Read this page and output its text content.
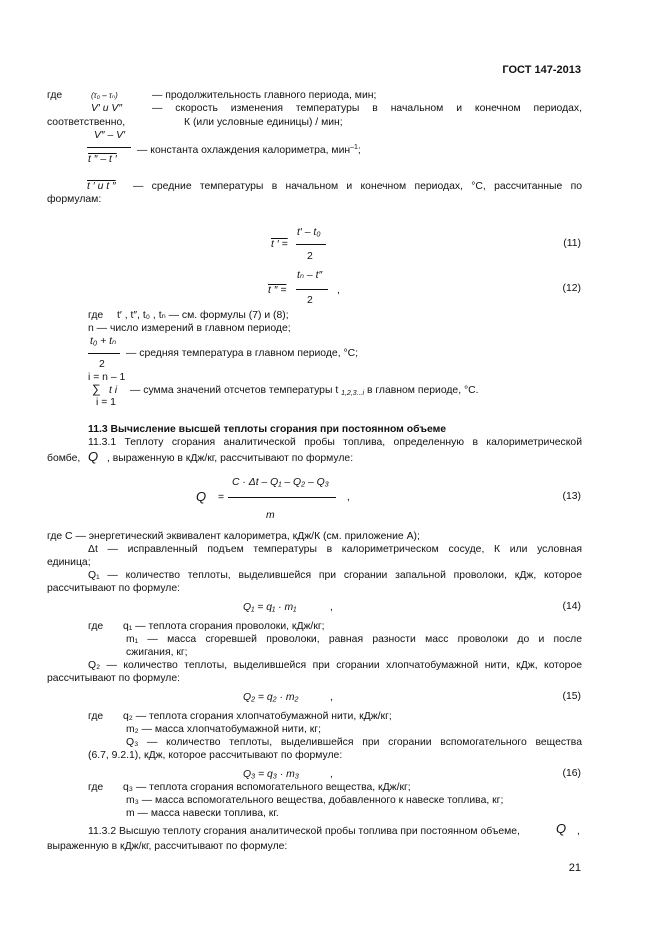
ГОСТ 147-2013
где	(τ₀ – τₙ)	— продолжительность главного периода, мин;
V′ и V″	— скорость изменения температуры в начальном и конечном периодах,
соответственно,	К (или условные единицы) / мин;
V″ – V′
— константа охлаждения калориметра, мин$^{-1}$;
t ″ – t ′
t ′ и t ″ — средние температуры в начальном и конечном периодах, °С, рассчитанные по
формулам:
t′ – t₀
t ′ =
2
(11)
tₙ – t″
t ″ =	,
2
(12)
где t′ , t″, t₀ , tₙ — см. формулы (7) и (8);
n — число измерений в главном периоде;
t₀ + tₙ
— средняя температура в главном периоде, °С;
2
i = n – 1
∑ t i — сумма значений отсчетов температуры t $_{1,2,3...i}$ в главном периоде, °С.
i = 1
11.3 Вычисление высшей теплоты сгорания при постоянном объеме
11.3.1 Теплоту сгорания аналитической пробы топлива, определенную в калориметрической
бомбе, Q , выраженную в кДж/кг, рассчитывают по формуле:
C · Δt – Q₁ – Q₂ – Q₃
Q =	,
m
(13)
где С — энергетический эквивалент калориметра, кДж/К (см. приложение А);
Δt — исправленный подъем температуры в калориметрическом сосуде, К или условная
единица;
Q₁ — количество теплоты, выделившейся при сгорании запальной проволоки, кДж, которое
рассчитывают по формуле:
Q₁ = q₁ · m₁	,	(14)
где q₁ — теплота сгорания проволоки, кДж/кг;
m₁ — масса сгоревшей проволоки, равная разности масс проволоки до и после
сжигания, кг;
Q₂ — количество теплоты, выделившейся при сгорании хлопчатобумажной нити, кДж, которое
рассчитывают по формуле:
Q₂ = q₂ · m₂	,	(15)
где q₂ — теплота сгорания хлопчатобумажной нити, кДж/кг;
m₂ — масса хлопчатобумажной нити, кг;
Q₃ — количество теплоты, выделившейся при сгорании вспомогательного вещества
(6.7, 9.2.1), кДж, которое рассчитывают по формуле:
Q₃ = q₃ · m₃	,	(16)
где q₃ — теплота сгорания вспомогательного вещества, кДж/кг;
m₃ — масса вспомогательного вещества, добавленного к навеске топлива, кг;
m — масса навески топлива, кг.
11.3.2 Высшую теплоту сгорания аналитической пробы топлива при постоянном объеме,	Q ,
выраженную в кДж/кг, рассчитывают по формуле:
21
